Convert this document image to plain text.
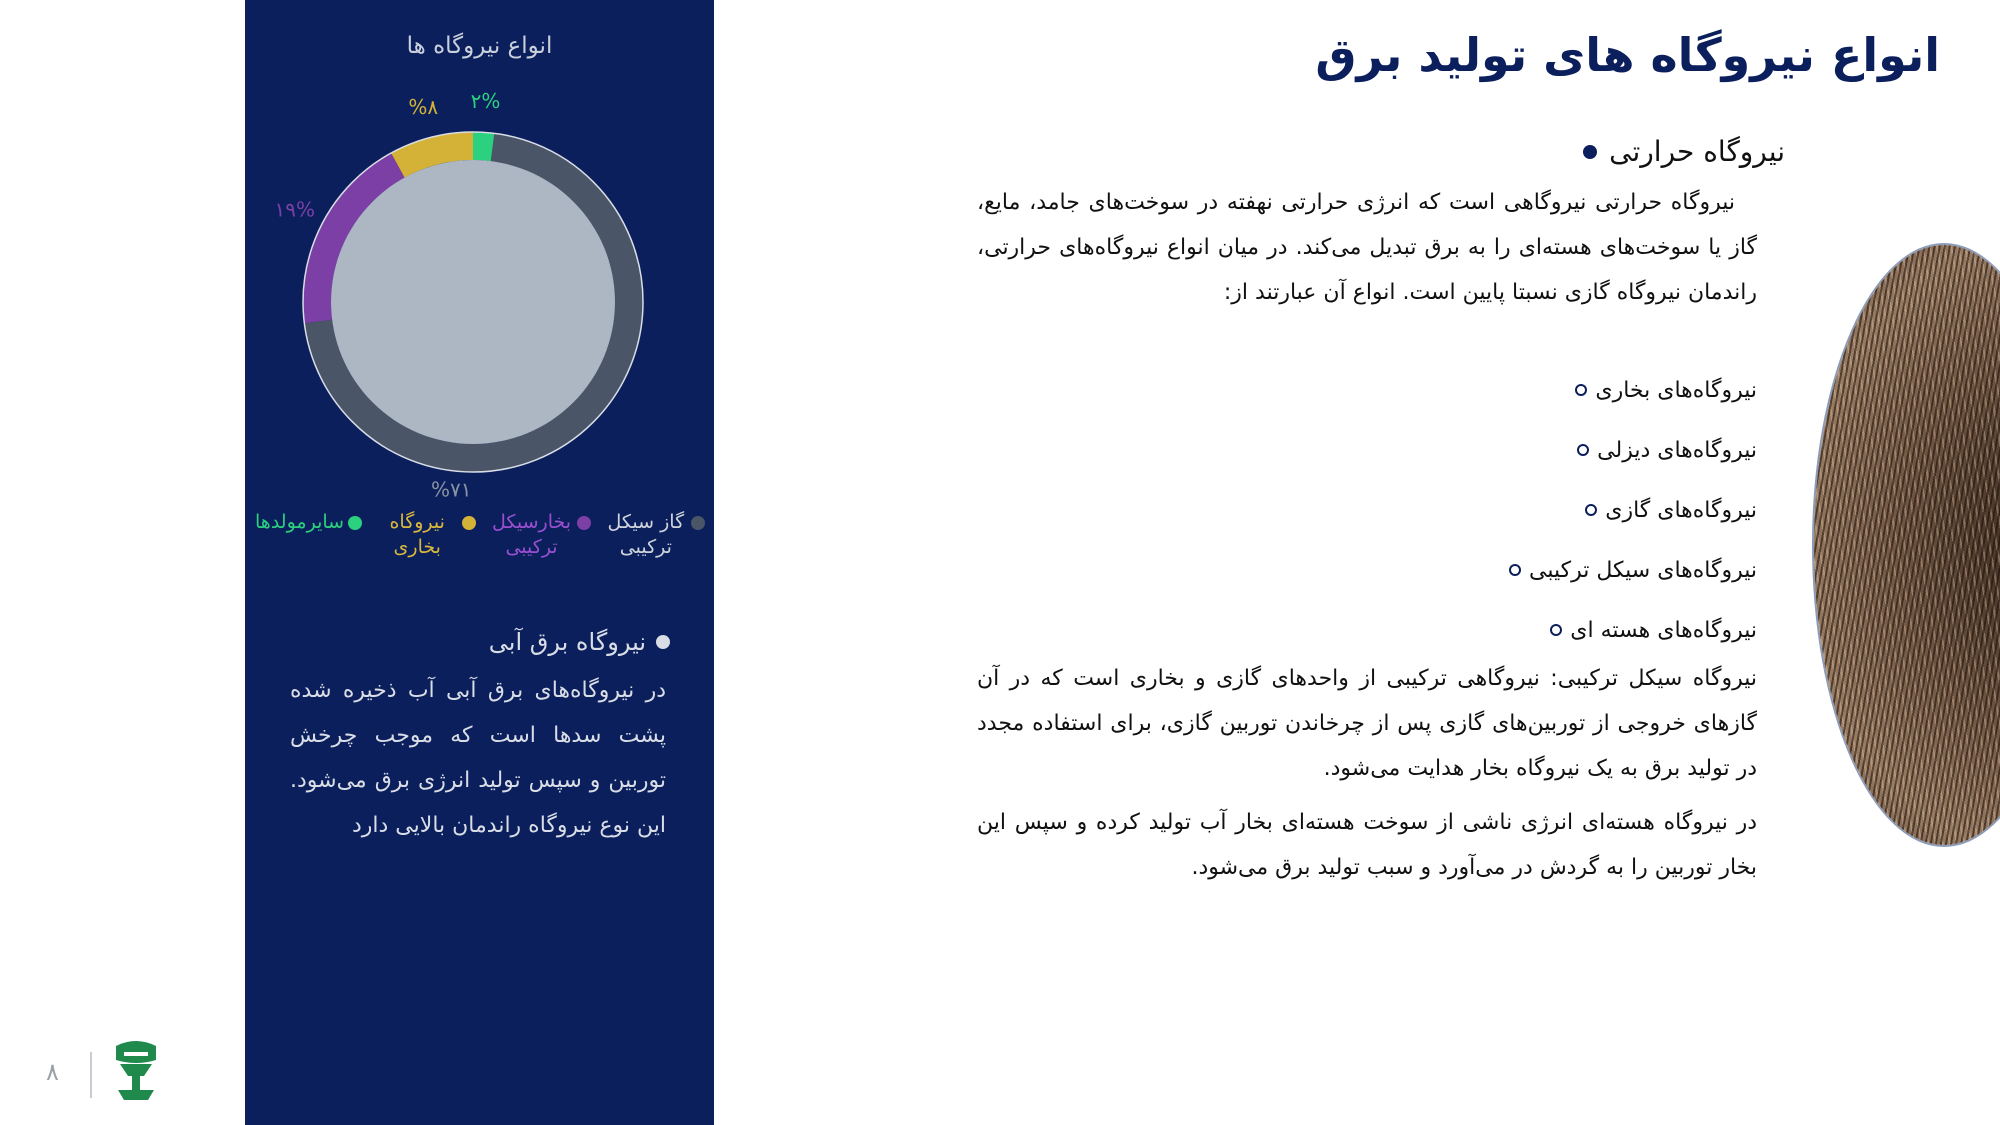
انواع نیروگاه ها
%۷۱
۱۹%
%۸ ۲%
گاز سیکل ترکیبی
بخارسیکل ترکیبی
نیروگاه بخاری
سایرمولدها
نیروگاه برق آبی
در نیروگاه‌های برق آبی آب ذخیره شده پشت سدها است که موجب چرخش توربین و سپس تولید انرژی برق می‌شود. این نوع نیروگاه راندمان بالایی دارد
انواع نیروگاه های تولید برق
نیروگاه حرارتی
نیروگاه حرارتی نیروگاهی است که انرژی حرارتی نهفته در سوخت‌های جامد، مایع، گاز یا سوخت‌های هسته‌ای را به برق تبدیل می‌کند. در میان انواع نیروگاه‌های حرارتی، راندمان نیروگاه گازی نسبتا پایین است. انواع آن عبارتند از:
نیروگاه‌های بخاری
نیروگاه‌های دیزلی
نیروگاه‌های گازی
نیروگاه‌های سیکل ترکیبی
نیروگاه‌های هسته ای
نیروگاه سیکل ترکیبی: نیروگاهی ترکیبی از واحدهای گازی و بخاری است که در آن گازهای خروجی از توربین‌های گازی پس از چرخاندن توربین گازی، برای استفاده مجدد در تولید برق به یک نیروگاه بخار هدایت می‌شود.
در نیروگاه هسته‌ای انرژی ناشی از سوخت هسته‌ای بخار آب تولید کرده و سپس این بخار توربین را به گردش در می‌آورد و سبب تولید برق می‌شود.
۸
